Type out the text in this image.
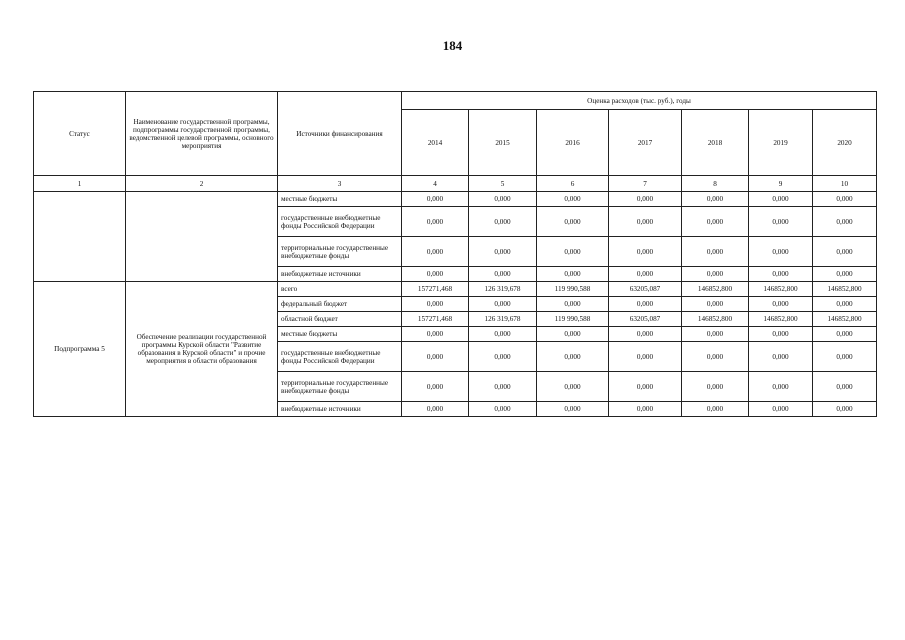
184
Статус	Наименование государственной программы, подпрограммы государственной программы, ведомственной целевой программы, основного мероприятия	Источники финансирования	Оценка расходов (тыс. руб.), годы						
			2014	2015	2016	2017	2018	2019	2020
1	2	3	4	5	6	7	8	9	10
		местные бюджеты	0,000	0,000	0,000	0,000	0,000	0,000	0,000
		государственные внебюджетные фонды Российской Федерации	0,000	0,000	0,000	0,000	0,000	0,000	0,000
		территориальные государственные внебюджетные фонды	0,000	0,000	0,000	0,000	0,000	0,000	0,000
		внебюджетные источники	0,000	0,000	0,000	0,000	0,000	0,000	0,000
Подпрограмма 5	Обеспечение реализации государственной программы Курской области "Развитие образования в Курской области" и прочие мероприятия в области образования	всего	157271,468	126 319,678	119 990,588	63205,087	146852,800	146852,800	146852,800
		федеральный бюджет	0,000	0,000	0,000	0,000	0,000	0,000	0,000
		областной бюджет	157271,468	126 319,678	119 990,588	63205,087	146852,800	146852,800	146852,800
		местные бюджеты	0,000	0,000	0,000	0,000	0,000	0,000	0,000
		государственные внебюджетные фонды Российской Федерации	0,000	0,000	0,000	0,000	0,000	0,000	0,000
		территориальные государственные внебюджетные фонды	0,000	0,000	0,000	0,000	0,000	0,000	0,000
		внебюджетные источники	0,000	0,000	0,000	0,000	0,000	0,000	0,000
